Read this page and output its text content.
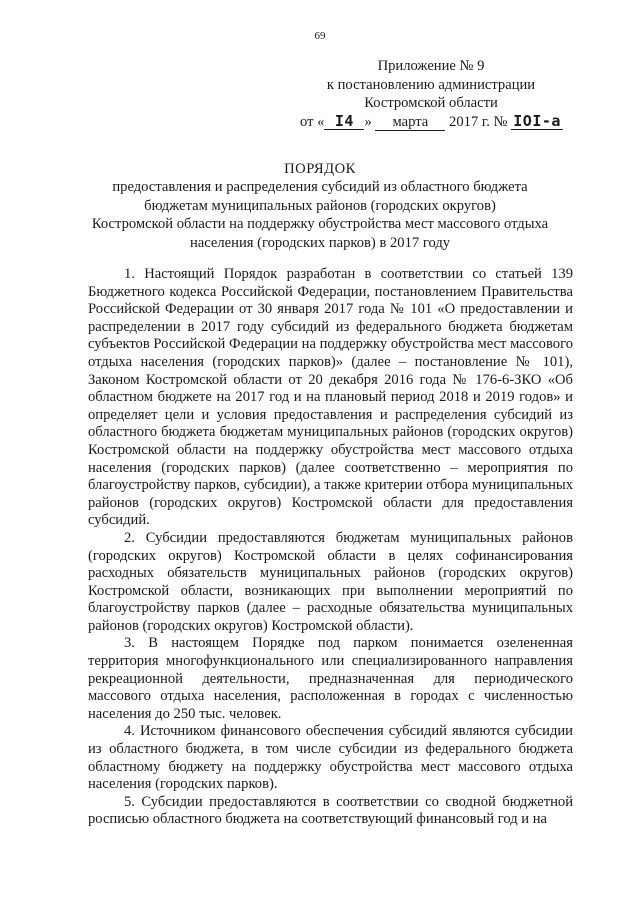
69
Приложение № 9
к постановлению администрации
Костромской области
от « I4 » марта 2017 г. № IOI-а
ПОРЯДОК
предоставления и распределения субсидий из областного бюджета
бюджетам муниципальных районов (городских округов)
Костромской области на поддержку обустройства мест массового отдыха
населения (городских парков) в 2017 году

1. Настоящий Порядок разработан в соответствии со статьей 139 Бюджетного кодекса Российской Федерации, постановлением Правительства Российской Федерации от 30 января 2017 года № 101 «О предоставлении и распределении в 2017 году субсидий из федерального бюджета бюджетам субъектов Российской Федерации на поддержку обустройства мест массового отдыха населения (городских парков)» (далее – постановление № 101), Законом Костромской области от 20 декабря 2016 года № 176-6-ЗКО «Об областном бюджете на 2017 год и на плановый период 2018 и 2019 годов» и определяет цели и условия предоставления и распределения субсидий из областного бюджета бюджетам муниципальных районов (городских округов) Костромской области на поддержку обустройства мест массового отдыха населения (городских парков) (далее соответственно – мероприятия по благоустройству парков, субсидии), а также критерии отбора муниципальных районов (городских округов) Костромской области для предоставления субсидий.

2. Субсидии предоставляются бюджетам муниципальных районов (городских округов) Костромской области в целях софинансирования расходных обязательств муниципальных районов (городских округов) Костромской области, возникающих при выполнении мероприятий по благоустройству парков (далее – расходные обязательства муниципальных районов (городских округов) Костромской области).

3. В настоящем Порядке под парком понимается озелененная территория многофункционального или специализированного направления рекреационной деятельности, предназначенная для периодического массового отдыха населения, расположенная в городах с численностью населения до 250 тыс. человек.

4. Источником финансового обеспечения субсидий являются субсидии из областного бюджета, в том числе субсидии из федерального бюджета областному бюджету на поддержку обустройства мест массового отдыха населения (городских парков).

5. Субсидии предоставляются в соответствии со сводной бюджетной росписью областного бюджета на соответствующий финансовый год и на
